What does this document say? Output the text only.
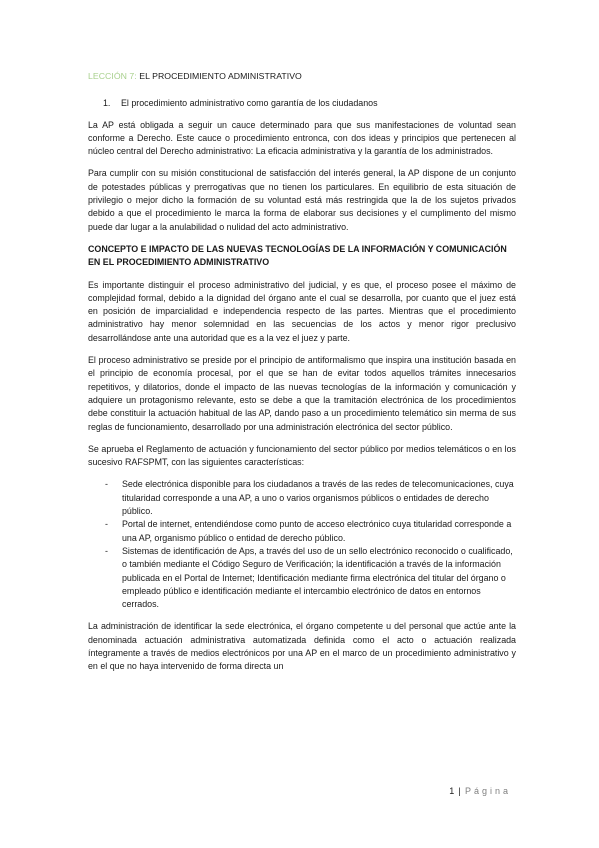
LECCIÓN 7: EL PROCEDIMIENTO ADMINISTRATIVO
1.	El procedimiento administrativo como garantía de los ciudadanos

La AP está obligada a seguir un cauce determinado para que sus manifestaciones de voluntad sean conforme a Derecho. Este cauce o procedimiento entronca, con dos ideas y principios que pertenecen al núcleo central del Derecho administrativo: La eficacia administrativa y la garantía de los administrados.

Para cumplir con su misión constitucional de satisfacción del interés general, la AP dispone de un conjunto de potestades públicas y prerrogativas que no tienen los particulares. En equilibrio de esta situación de privilegio o mejor dicho la formación de su voluntad está más restringida que la de los sujetos privados debido a que el procedimiento le marca la forma de elaborar sus decisiones y el cumplimento del mismo puede dar lugar a la anulabilidad o nulidad del acto administrativo.

CONCEPTO E IMPACTO DE LAS NUEVAS TECNOLOGÍAS DE LA INFORMACIÓN Y COMUNICACIÓN EN EL PROCEDIMIENTO ADMINISTRATIVO

Es importante distinguir el proceso administrativo del judicial, y es que, el proceso posee el máximo de complejidad formal, debido a la dignidad del órgano ante el cual se desarrolla, por cuanto que el juez está en posición de imparcialidad e independencia respecto de las partes. Mientras que el procedimiento administrativo hay menor solemnidad en las secuencias de los actos y menor rigor preclusivo desarrollándose ante una autoridad que es a la vez el juez y parte.

El proceso administrativo se preside por el principio de antiformalismo que inspira una institución basada en el principio de economía procesal, por el que se han de evitar todos aquellos trámites innecesarios repetitivos, y dilatorios, donde el impacto de las nuevas tecnologías de la información y comunicación y adquiere un protagonismo relevante, esto se debe a que la tramitación electrónica de los procedimientos debe constituir la actuación habitual de las AP, dando paso a un procedimiento telemático sin merma de sus reglas de funcionamiento, desarrollado por una administración electrónica del sector público.

Se aprueba el Reglamento de actuación y funcionamiento del sector público por medios telemáticos o en los sucesivo RAFSPMT, con las siguientes características:

-	Sede electrónica disponible para los ciudadanos a través de las redes de telecomunicaciones, cuya titularidad corresponde a una AP, a uno o varios organismos públicos o entidades de derecho público.
-	Portal de internet, entendiéndose como punto de acceso electrónico cuya titularidad corresponde a una AP, organismo público o entidad de derecho público.
-	Sistemas de identificación de Aps, a través del uso de un sello electrónico reconocido o cualificado, o también mediante el Código Seguro de Verificación; la identificación a través de la información publicada en el Portal de Internet; Identificación mediante firma electrónica del titular del órgano o empleado público e identificación mediante el intercambio electrónico de datos en entornos cerrados.

La administración de identificar la sede electrónica, el órgano competente u del personal que actúe ante la denominada actuación administrativa automatizada definida como el acto o actuación realizada íntegramente a través de medios electrónicos por una AP en el marco de un procedimiento administrativo y en el que no haya intervenido de forma directa un

1 | Página
